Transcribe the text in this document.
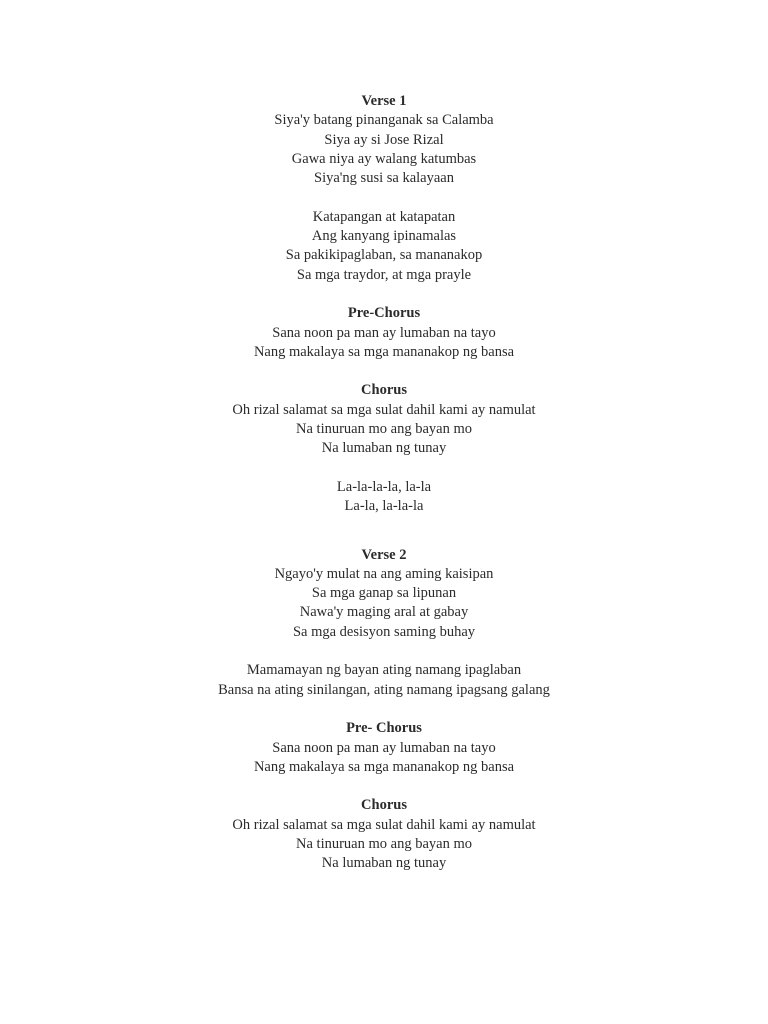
Verse 1
Siya'y batang pinanganak sa Calamba
Siya ay si Jose Rizal
Gawa niya ay walang katumbas
Siya'ng susi sa kalayaan
Katapangan at katapatan
Ang kanyang ipinamalas
Sa pakikipaglaban, sa mananakop
Sa mga traydor, at mga prayle
Pre-Chorus
Sana noon pa man ay lumaban na tayo
Nang makalaya sa mga mananakop ng bansa
Chorus
Oh rizal salamat sa mga sulat dahil kami ay namulat
Na tinuruan mo ang bayan mo
Na lumaban ng tunay
La-la-la-la, la-la
La-la, la-la-la
Verse 2
Ngayo'y mulat na ang aming kaisipan
Sa mga ganap sa lipunan
Nawa'y maging aral at gabay
Sa mga desisyon saming buhay
Mamamayan ng bayan ating namang ipaglaban
Bansa na ating sinilangan, ating namang ipagsang galang
Pre- Chorus
Sana noon pa man ay lumaban na tayo
Nang makalaya sa mga mananakop ng bansa
Chorus
Oh rizal salamat sa mga sulat dahil kami ay namulat
Na tinuruan mo ang bayan mo
Na lumaban ng tunay
